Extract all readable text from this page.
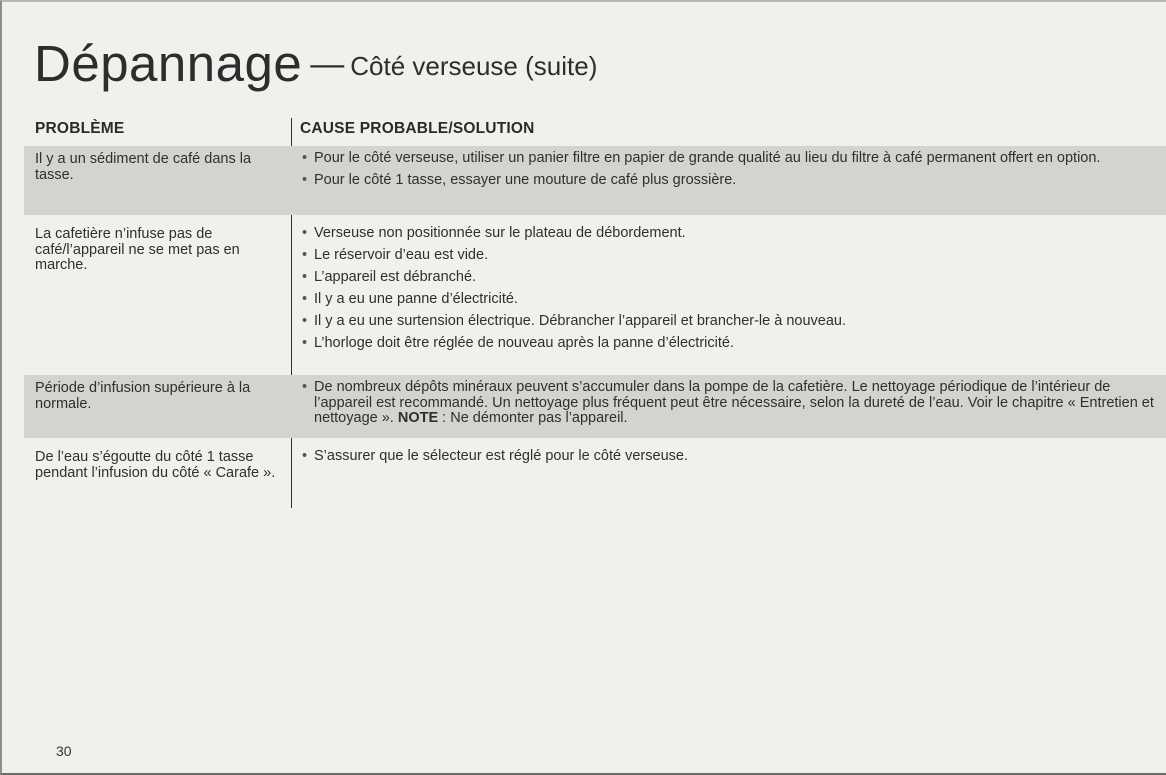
Dépannage — Côté verseuse (suite)
PROBLÈME	CAUSE PROBABLE/SOLUTION
Il y a un sédiment de café dans la tasse.
• Pour le côté verseuse, utiliser un panier filtre en papier de grande qualité au lieu du filtre à café permanent offert en option.
• Pour le côté 1 tasse, essayer une mouture de café plus grossière.
La cafetière n’infuse pas de café/l’appareil ne se met pas en marche.
• Verseuse non positionnée sur le plateau de débordement.
• Le réservoir d’eau est vide.
• L’appareil est débranché.
• Il y a eu une panne d’électricité.
• Il y a eu une surtension électrique. Débrancher l’appareil et brancher-le à nouveau.
• L’horloge doit être réglée de nouveau après la panne d’électricité.
Période d’infusion supérieure à la normale.
• De nombreux dépôts minéraux peuvent s’accumuler dans la pompe de la cafetière. Le nettoyage périodique de l’intérieur de l’appareil est recommandé. Un nettoyage plus fréquent peut être nécessaire, selon la dureté de l’eau. Voir le chapitre « Entretien et nettoyage ». NOTE : Ne démonter pas l’appareil.
De l’eau s’égoutte du côté 1 tasse pendant l’infusion du côté « Carafe ».
• S’assurer que le sélecteur est réglé pour le côté verseuse.
30
